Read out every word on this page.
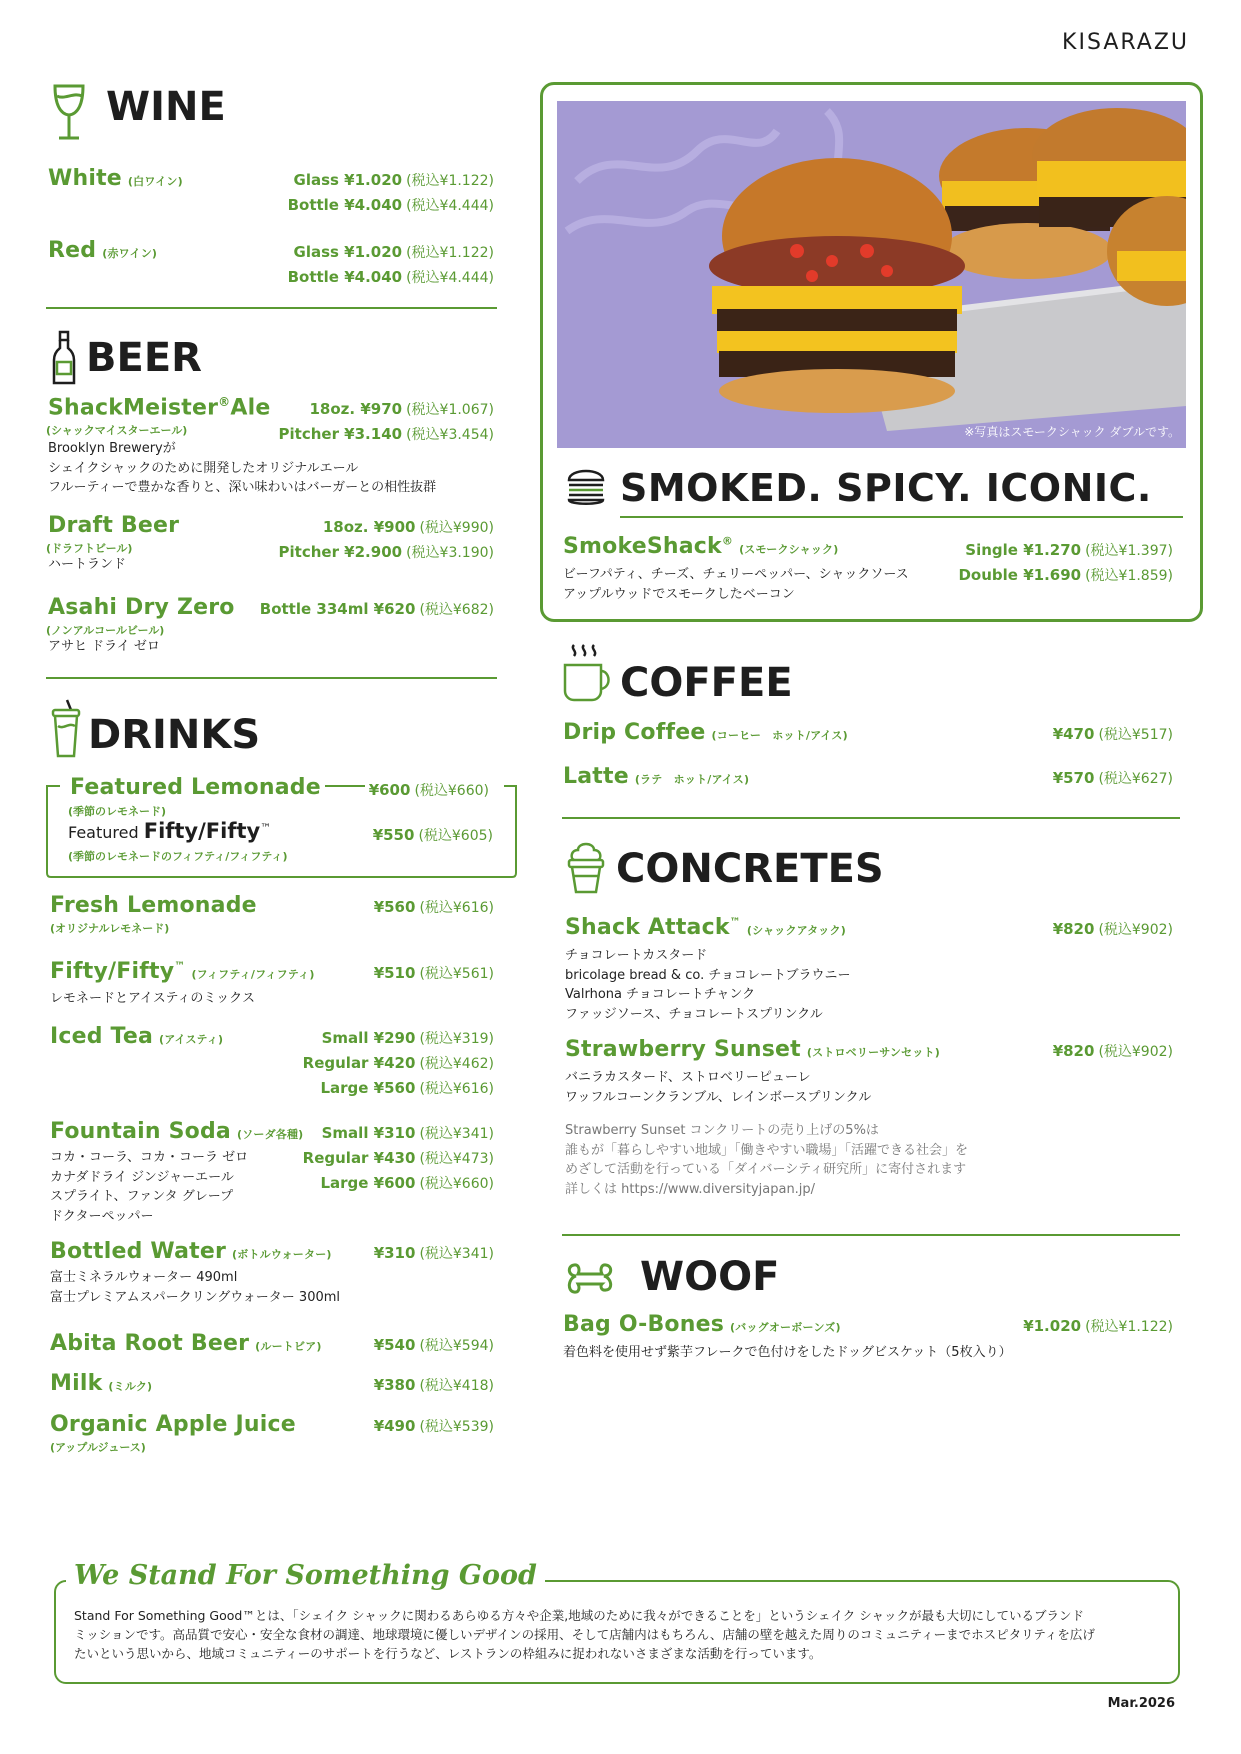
KISARAZU
WINE
White (白ワイン)	Glass ¥1.020 (税込¥1.122)
Bottle ¥4.040 (税込¥4.444)
Red (赤ワイン)	Glass ¥1.020 (税込¥1.122)
Bottle ¥4.040 (税込¥4.444)
BEER
ShackMeister®Ale
(シャックマイスターエール)
Brooklyn Breweryが
シェイクシャックのために開発したオリジナルエール
フルーティーで豊かな香りと、深い味わいはバーガーとの相性抜群
18oz. ¥970 (税込¥1.067)
Pitcher ¥3.140 (税込¥3.454)
Draft Beer
(ドラフトビール)
ハートランド
18oz. ¥900 (税込¥990)
Pitcher ¥2.900 (税込¥3.190)
Asahi Dry Zero
(ノンアルコールビール)
アサヒ ドライ ゼロ
Bottle 334ml ¥620 (税込¥682)
DRINKS
Featured Lemonade
(季節のレモネード)
¥600 (税込¥660)
Featured Fifty/Fifty™
(季節のレモネードのフィフティ/フィフティ)
¥550 (税込¥605)
Fresh Lemonade
(オリジナルレモネード)
¥560 (税込¥616)
Fifty/Fifty™(フィフティ/フィフティ)
レモネードとアイスティのミックス
¥510 (税込¥561)
Iced Tea (アイスティ)	Small ¥290 (税込¥319)
Regular ¥420 (税込¥462)
Large ¥560 (税込¥616)
Fountain Soda (ソーダ各種)
コカ・コーラ、コカ・コーラ ゼロ
カナダドライ ジンジャーエール
スプライト、ファンタ グレープ
ドクターペッパー
Small ¥310 (税込¥341)
Regular ¥430 (税込¥473)
Large ¥600 (税込¥660)
Bottled Water (ボトルウォーター)
富士ミネラルウォーター 490ml
富士プレミアムスパークリングウォーター 300ml
¥310 (税込¥341)
Abita Root Beer (ルートビア)	¥540 (税込¥594)
Milk (ミルク)	¥380 (税込¥418)
Organic Apple Juice
(アップルジュース)
¥490 (税込¥539)
※写真はスモークシャック ダブルです。
SMOKED. SPICY. ICONIC.
SmokeShack®(スモークシャック)
ビーフパティ、チーズ、チェリーペッパー、シャックソース
アップルウッドでスモークしたベーコン
Single ¥1.270 (税込¥1.397)
Double ¥1.690 (税込¥1.859)
COFFEE
Drip Coffee (コーヒー　ホット/アイス)	¥470 (税込¥517)
Latte (ラテ　ホット/アイス)	¥570 (税込¥627)
CONCRETES
Shack Attack™(シャックアタック)
チョコレートカスタード
bricolage bread & co. チョコレートブラウニー
Valrhona チョコレートチャンク
ファッジソース、チョコレートスプリンクル
¥820 (税込¥902)
Strawberry Sunset (ストロベリーサンセット)
バニラカスタード、ストロベリーピューレ
ワッフルコーンクランブル、レインボースプリンクル
¥820 (税込¥902)
Strawberry Sunset コンクリートの売り上げの5%は
誰もが「暮らしやすい地域」「働きやすい職場」「活躍できる社会」を
めざして活動を行っている「ダイバーシティ研究所」に寄付されます
詳しくは https://www.diversityjapan.jp/
WOOF
Bag O-Bones (バッグオーボーンズ)
着色料を使用せず紫芋フレークで色付けをしたドッグビスケット（5枚入り）
¥1.020 (税込¥1.122)
We Stand For Something Good
Stand For Something Good™とは、「シェイク シャックに関わるあらゆる方々や企業,地域のために我々ができることを」というシェイク シャックが最も大切にしているブランド
ミッションです。高品質で安心・安全な食材の調達、地球環境に優しいデザインの採用、そして店舗内はもちろん、店舗の壁を越えた周りのコミュニティーまでホスピタリティを広げ
たいという思いから、地域コミュニティーのサポートを行うなど、レストランの枠組みに捉われないさまざまな活動を行っています。
Mar.2026
